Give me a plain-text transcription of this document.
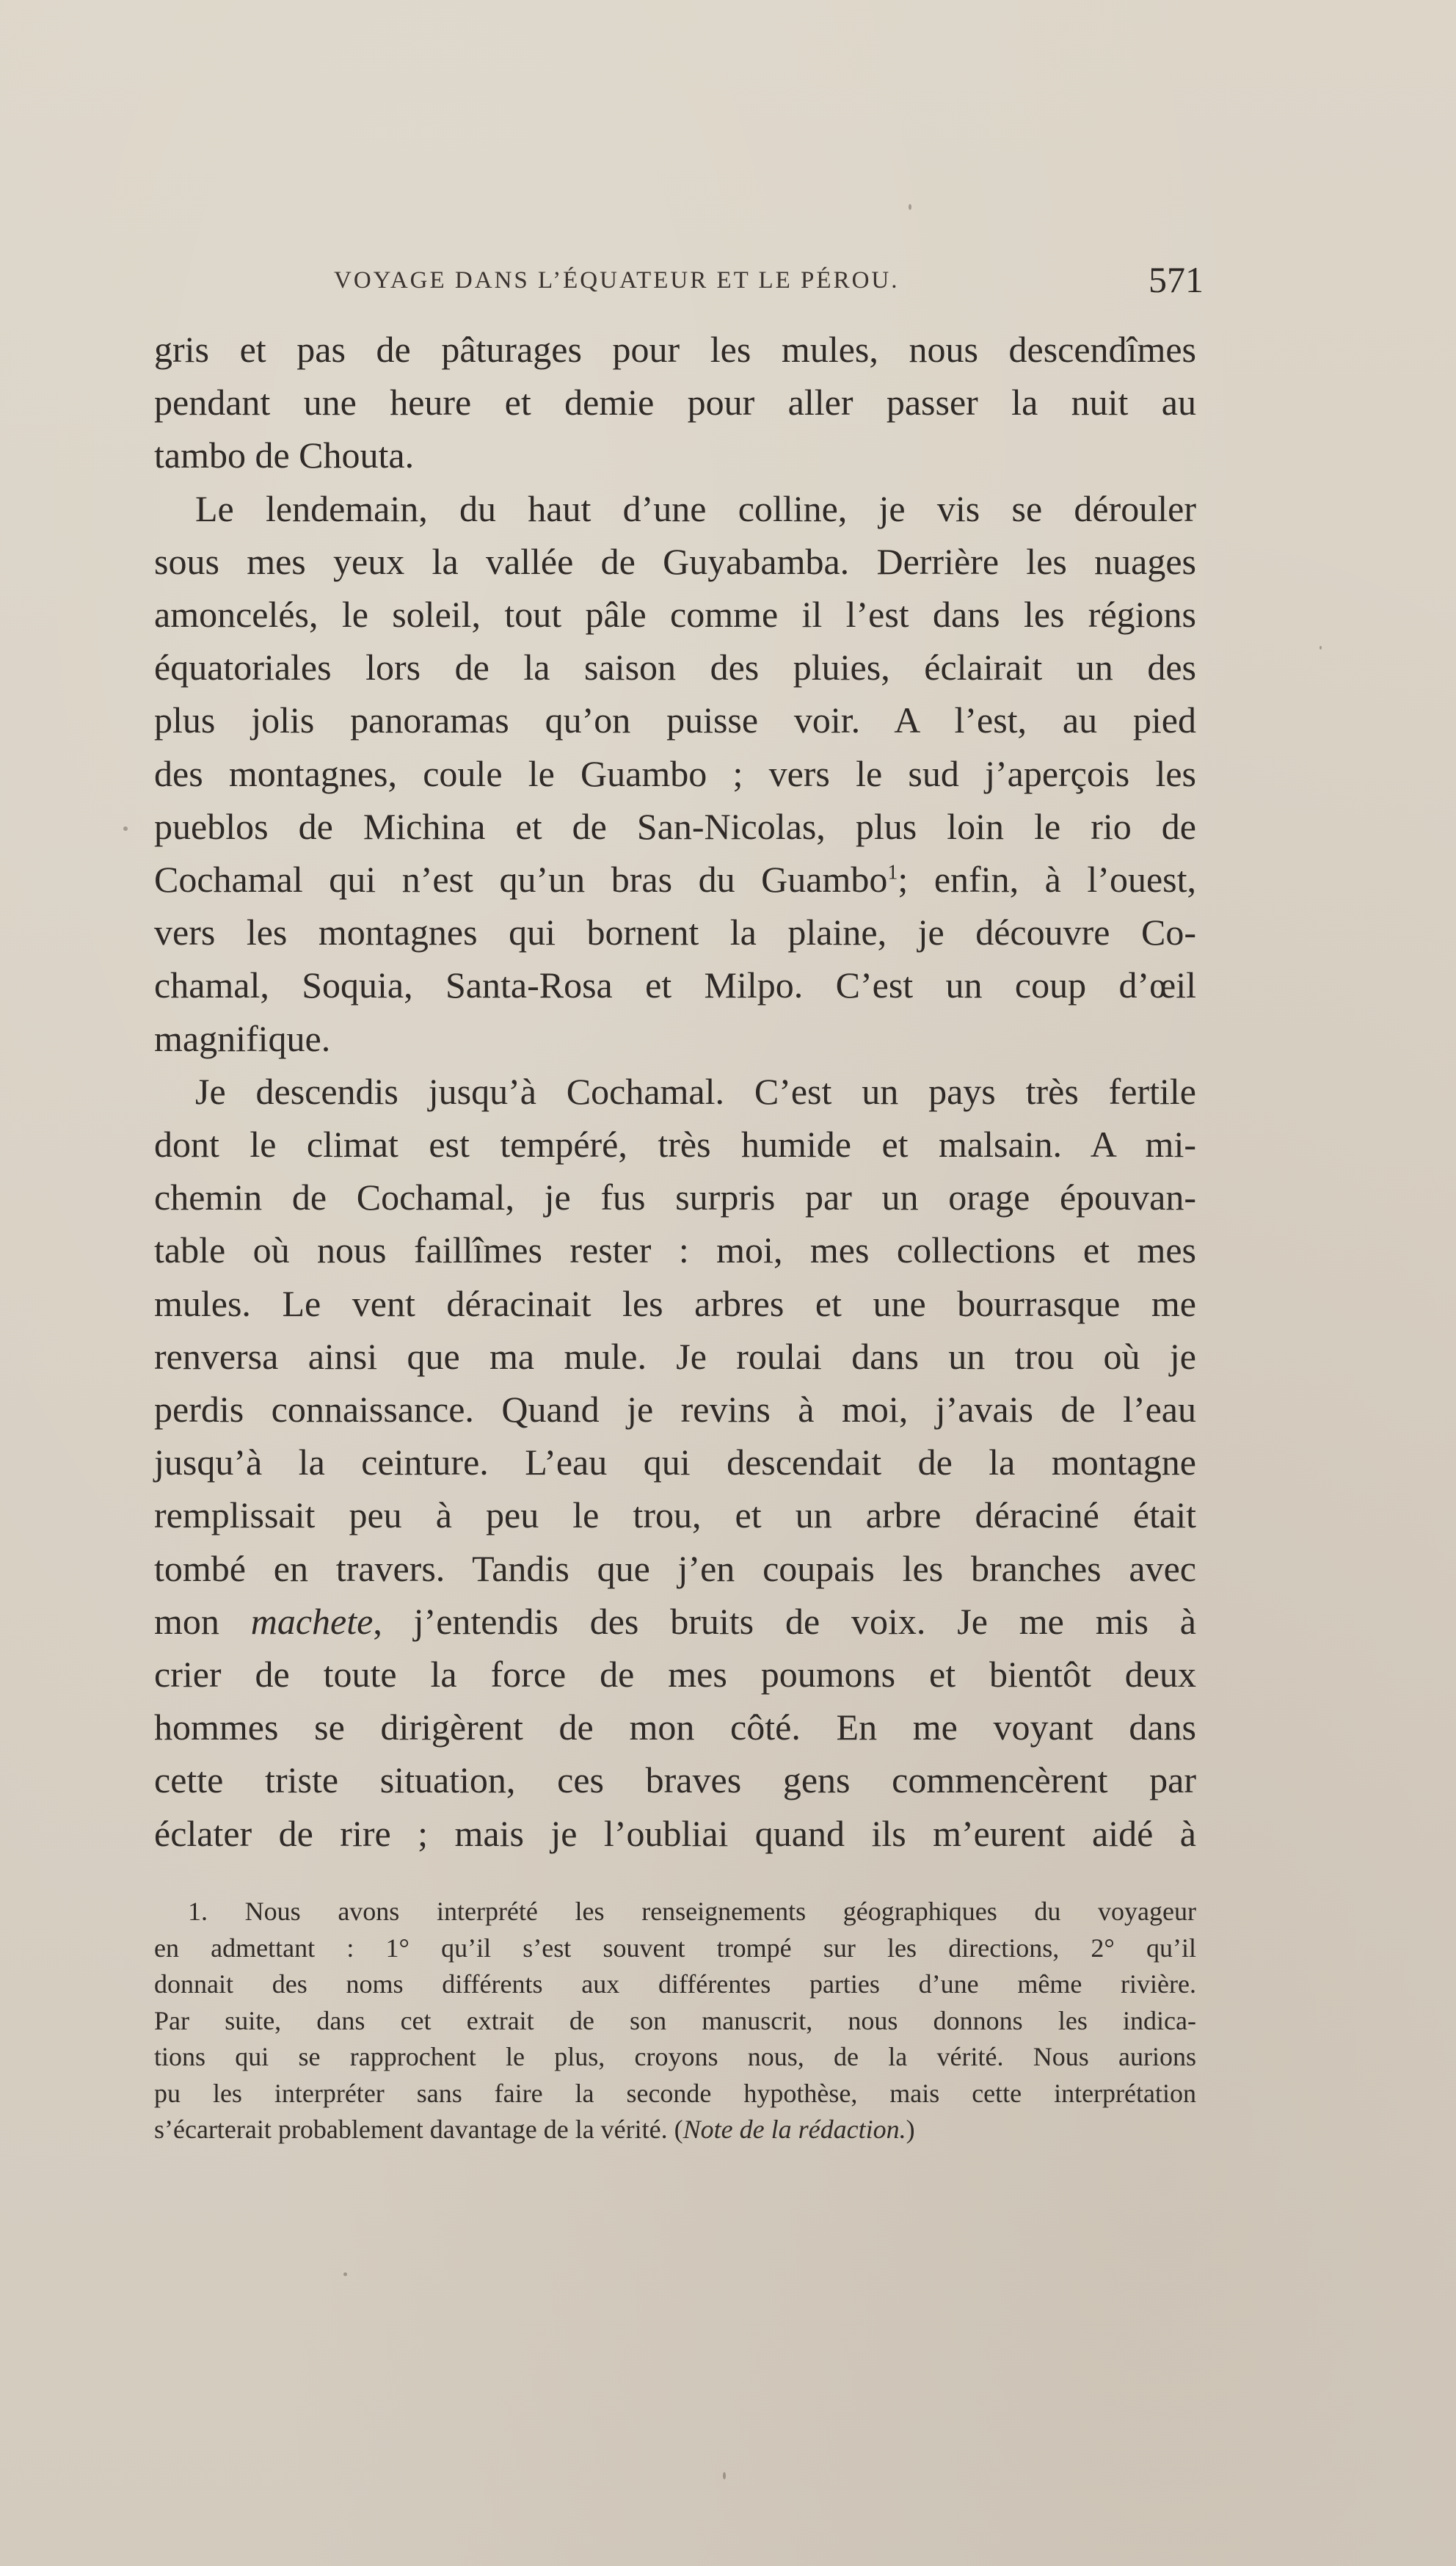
VOYAGE DANS L’ÉQUATEUR ET LE PÉROU.	571

gris et pas de pâturages pour les mules, nous descendîmes
pendant une heure et demie pour aller passer la nuit au
tambo de Chouta.

Le lendemain, du haut d’une colline, je vis se dérouler
sous mes yeux la vallée de Guyabamba. Derrière les nuages
amoncelés, le soleil, tout pâle comme il l’est dans les régions
équatoriales lors de la saison des pluies, éclairait un des
plus jolis panoramas qu’on puisse voir. A l’est, au pied
des montagnes, coule le Guambo ; vers le sud j’aperçois les
pueblos de Michina et de San-Nicolas, plus loin le rio de
Cochamal qui n’est qu’un bras du Guambo$^1$; enfin, à l’ouest,
vers les montagnes qui bornent la plaine, je découvre Co-
chamal, Soquia, Santa-Rosa et Milpo. C’est un coup d’œil
magnifique.

Je descendis jusqu’à Cochamal. C’est un pays très fertile
dont le climat est tempéré, très humide et malsain. A mi-
chemin de Cochamal, je fus surpris par un orage épouvan-
table où nous faillîmes rester : moi, mes collections et mes
mules. Le vent déracinait les arbres et une bourrasque me
renversa ainsi que ma mule. Je roulai dans un trou où je
perdis connaissance. Quand je revins à moi, j’avais de l’eau
jusqu’à la ceinture. L’eau qui descendait de la montagne
remplissait peu à peu le trou, et un arbre déraciné était
tombé en travers. Tandis que j’en coupais les branches avec
mon machete, j’entendis des bruits de voix. Je me mis à
crier de toute la force de mes poumons et bientôt deux
hommes se dirigèrent de mon côté. En me voyant dans
cette triste situation, ces braves gens commencèrent par
éclater de rire ; mais je l’oubliai quand ils m’eurent aidé à

1. Nous avons interprété les renseignements géographiques du voyageur
en admettant : 1° qu’il s’est souvent trompé sur les directions, 2° qu’il
donnait des noms différents aux différentes parties d’une même rivière.
Par suite, dans cet extrait de son manuscrit, nous donnons les indica-
tions qui se rapprochent le plus, croyons nous, de la vérité. Nous aurions
pu les interpréter sans faire la seconde hypothèse, mais cette interprétation
s’écarterait probablement davantage de la vérité. (Note de la rédaction.)
